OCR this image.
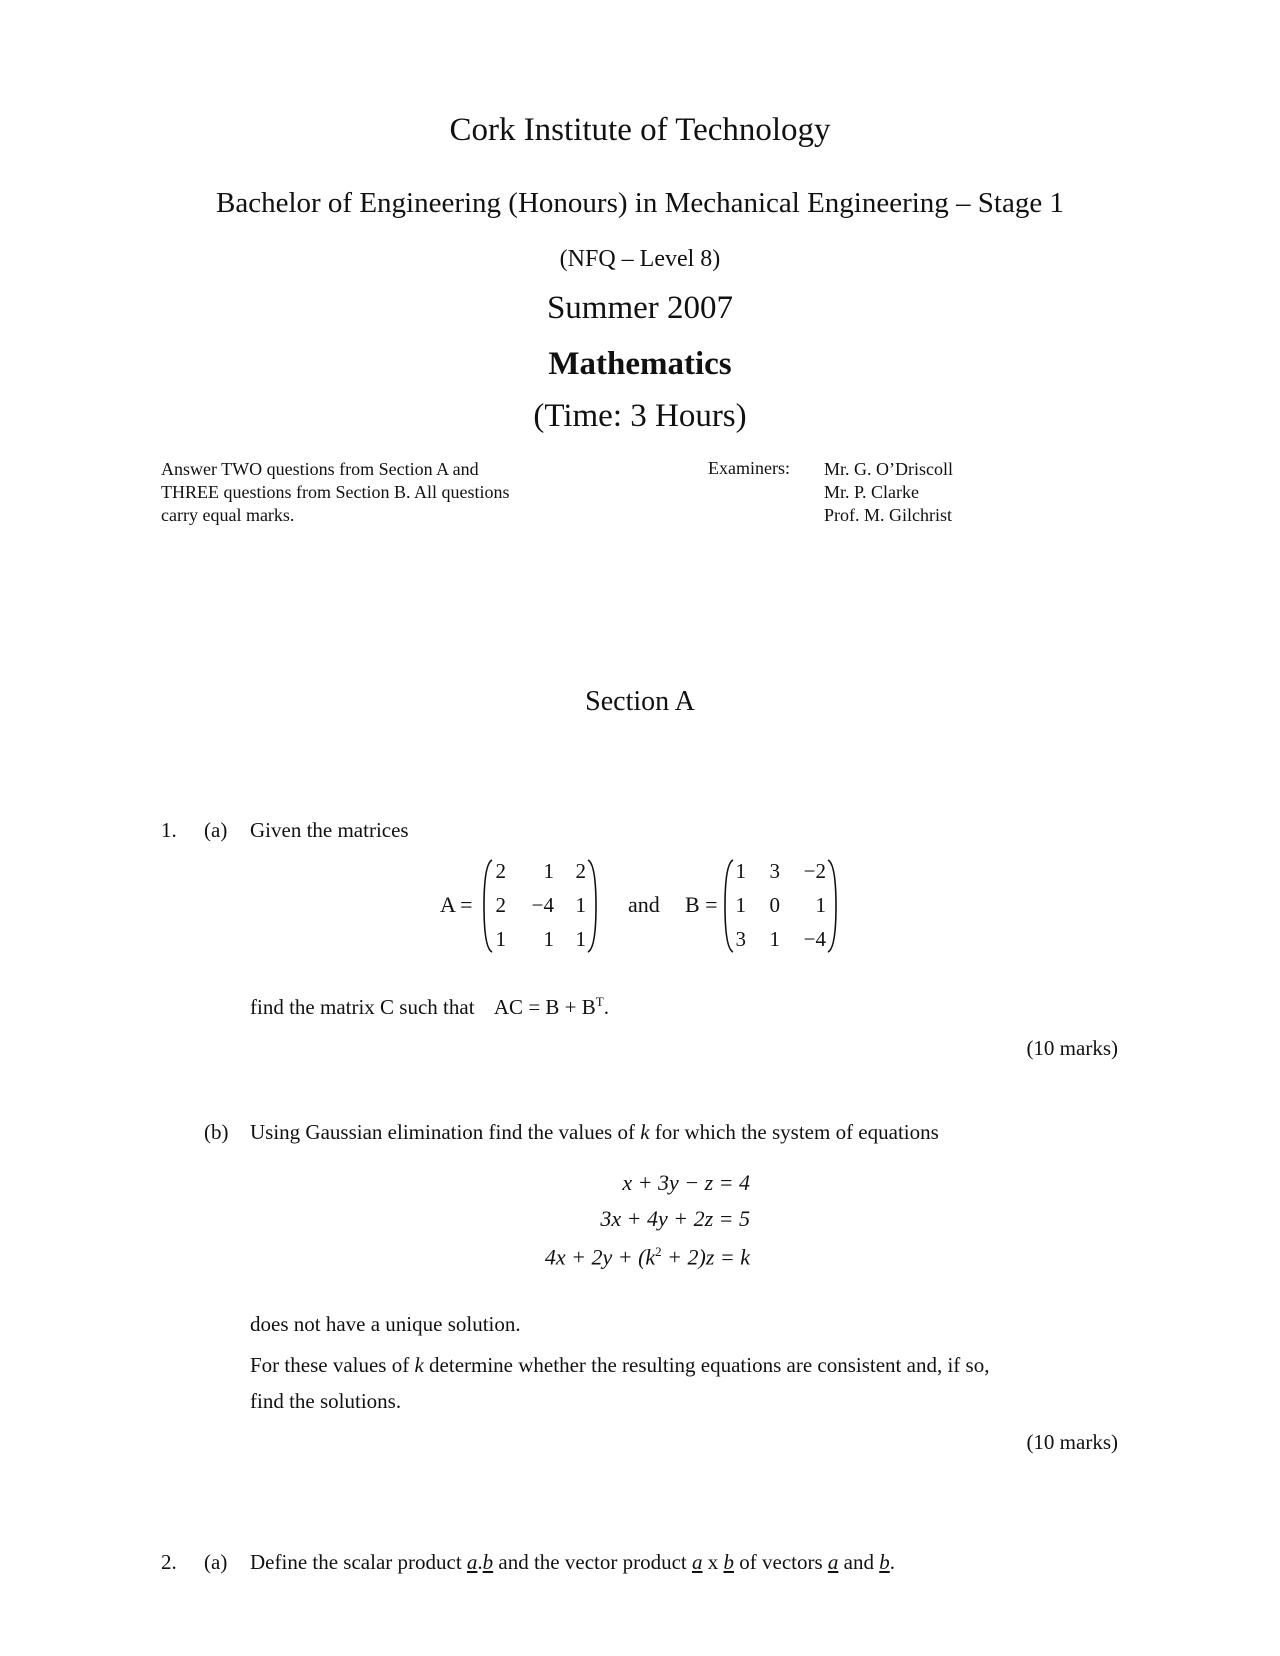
Cork Institute of Technology
Bachelor of Engineering (Honours) in Mechanical Engineering – Stage 1
(NFQ – Level 8)
Summer 2007
Mathematics
(Time: 3 Hours)
Answer TWO questions from Section A and
THREE questions from Section B. All questions
carry equal marks.
Examiners: Mr. G. O’Driscoll
Mr. P. Clarke
Prof. M. Gilchrist
Section A
1. (a) Given the matrices
A =
2	1	2
2	−4	1
1	1	1
and B =
1	3	−2
1	0	1
3	1	−4
find the matrix C such that AC = $B + B^T$.
(10 marks)
(b) Using Gaussian elimination find the values of k for which the system of equations
x + 3y − z = 4
3x + 4y + 2z = 5
$4x + 2y + (k^2 + 2)z = k$
does not have a unique solution.
For these values of k determine whether the resulting equations are consistent and, if so,
find the solutions.
(10 marks)
2. (a) Define the scalar product a.b and the vector product a x b of vectors a and b.
